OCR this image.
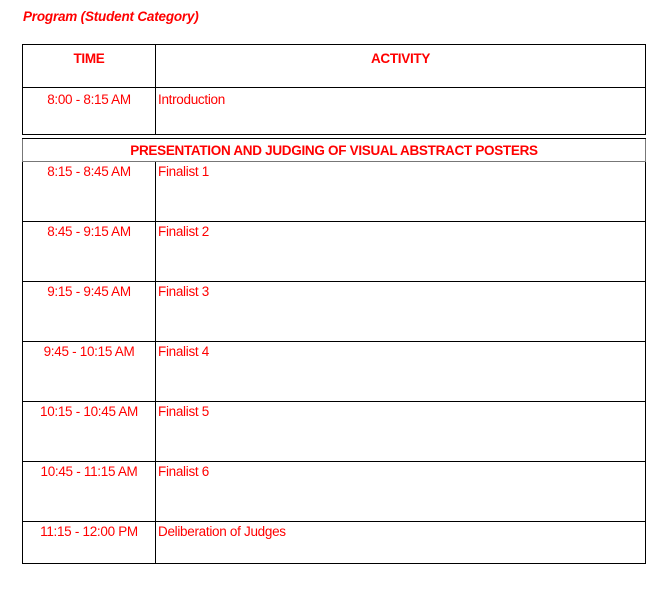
Program (Student Category)
TIME	ACTIVITY
8:00 - 8:15 AM	Introduction

PRESENTATION AND JUDGING OF VISUAL ABSTRACT POSTERS	
8:15 - 8:45 AM	Finalist 1
8:45 - 9:15 AM	Finalist 2
9:15 - 9:45 AM	Finalist 3
9:45 - 10:15 AM	Finalist 4
10:15 - 10:45 AM	Finalist 5
10:45 - 11:15 AM	Finalist 6
11:15 - 12:00 PM	Deliberation of Judges
